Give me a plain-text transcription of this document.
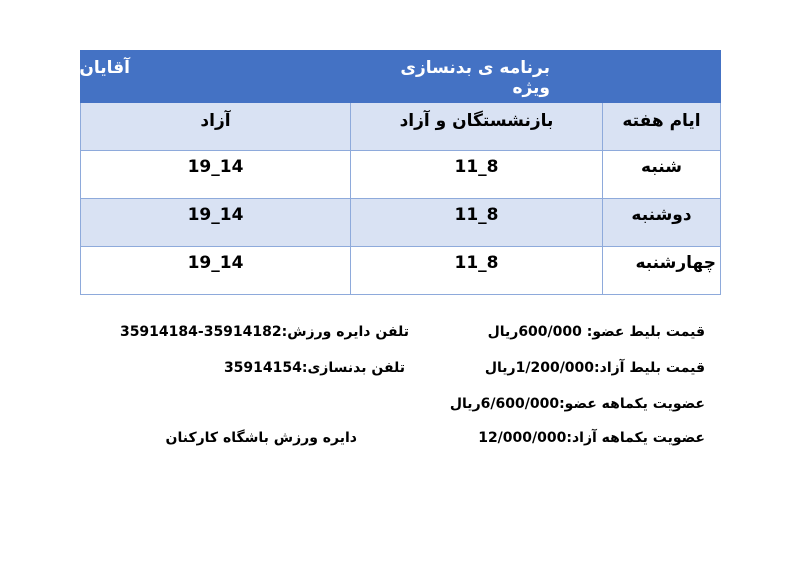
آقایان	برنامه ی بدنسازی ویژه	

آزاد	بازنشستگان و آزاد	ایام هفته

14_19	8_11	شنبه

14_19	8_11	دوشنبه

14_19	8_11	چهارشنبه
قیمت بلیط عضو: 600/000ریال
تلفن دایره ورزش:35914182-35914184
قیمت بلیط آزاد:1/200/000ریال
تلفن بدنسازی:35914154
عضویت یکماهه عضو:6/600/000ریال
عضویت یکماهه آزاد:12/000/000
دایره ورزش باشگاه کارکنان
